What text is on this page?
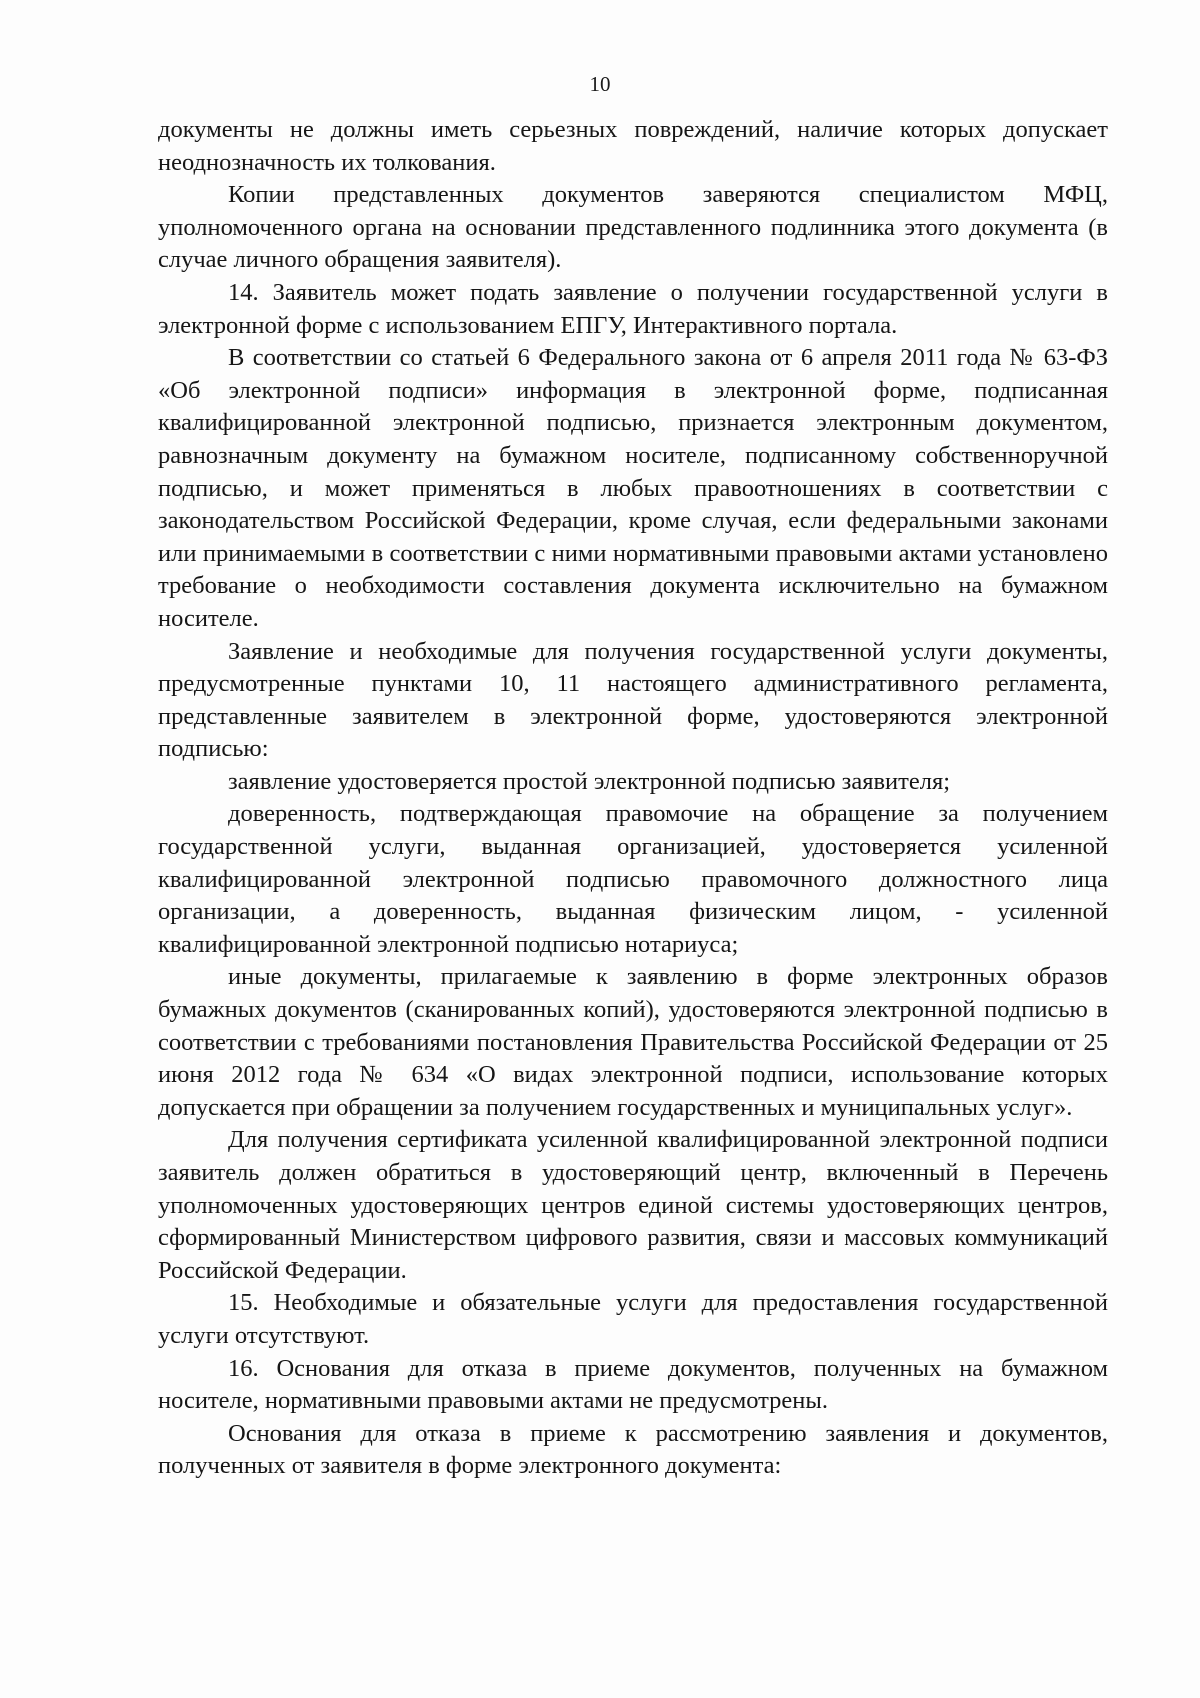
10

документы не должны иметь серьезных повреждений, наличие которых допускает неоднозначность их толкования.

Копии представленных документов заверяются специалистом МФЦ, уполномоченного органа на основании представленного подлинника этого документа (в случае личного обращения заявителя).

14. Заявитель может подать заявление о получении государственной услуги в электронной форме с использованием ЕПГУ, Интерактивного портала.

В соответствии со статьей 6 Федерального закона от 6 апреля 2011 года № 63-ФЗ «Об электронной подписи» информация в электронной форме, подписанная квалифицированной электронной подписью, признается электронным документом, равнозначным документу на бумажном носителе, подписанному собственноручной подписью, и может применяться в любых правоотношениях в соответствии с законодательством Российской Федерации, кроме случая, если федеральными законами или принимаемыми в соответствии с ними нормативными правовыми актами установлено требование о необходимости составления документа исключительно на бумажном носителе.

Заявление и необходимые для получения государственной услуги документы, предусмотренные пунктами 10, 11 настоящего административного регламента, представленные заявителем в электронной форме, удостоверяются электронной подписью:

заявление удостоверяется простой электронной подписью заявителя;

доверенность, подтверждающая правомочие на обращение за получением государственной услуги, выданная организацией, удостоверяется усиленной квалифицированной электронной подписью правомочного должностного лица организации, а доверенность, выданная физическим лицом, - усиленной квалифицированной электронной подписью нотариуса;

иные документы, прилагаемые к заявлению в форме электронных образов бумажных документов (сканированных копий), удостоверяются электронной подписью в соответствии с требованиями постановления Правительства Российской Федерации от 25 июня 2012 года № 634 «О видах электронной подписи, использование которых допускается при обращении за получением государственных и муниципальных услуг».

Для получения сертификата усиленной квалифицированной электронной подписи заявитель должен обратиться в удостоверяющий центр, включенный в Перечень уполномоченных удостоверяющих центров единой системы удостоверяющих центров, сформированный Министерством цифрового развития, связи и массовых коммуникаций Российской Федерации.

15. Необходимые и обязательные услуги для предоставления государственной услуги отсутствуют.

16. Основания для отказа в приеме документов, полученных на бумажном носителе, нормативными правовыми актами не предусмотрены.

Основания для отказа в приеме к рассмотрению заявления и документов, полученных от заявителя в форме электронного документа:
